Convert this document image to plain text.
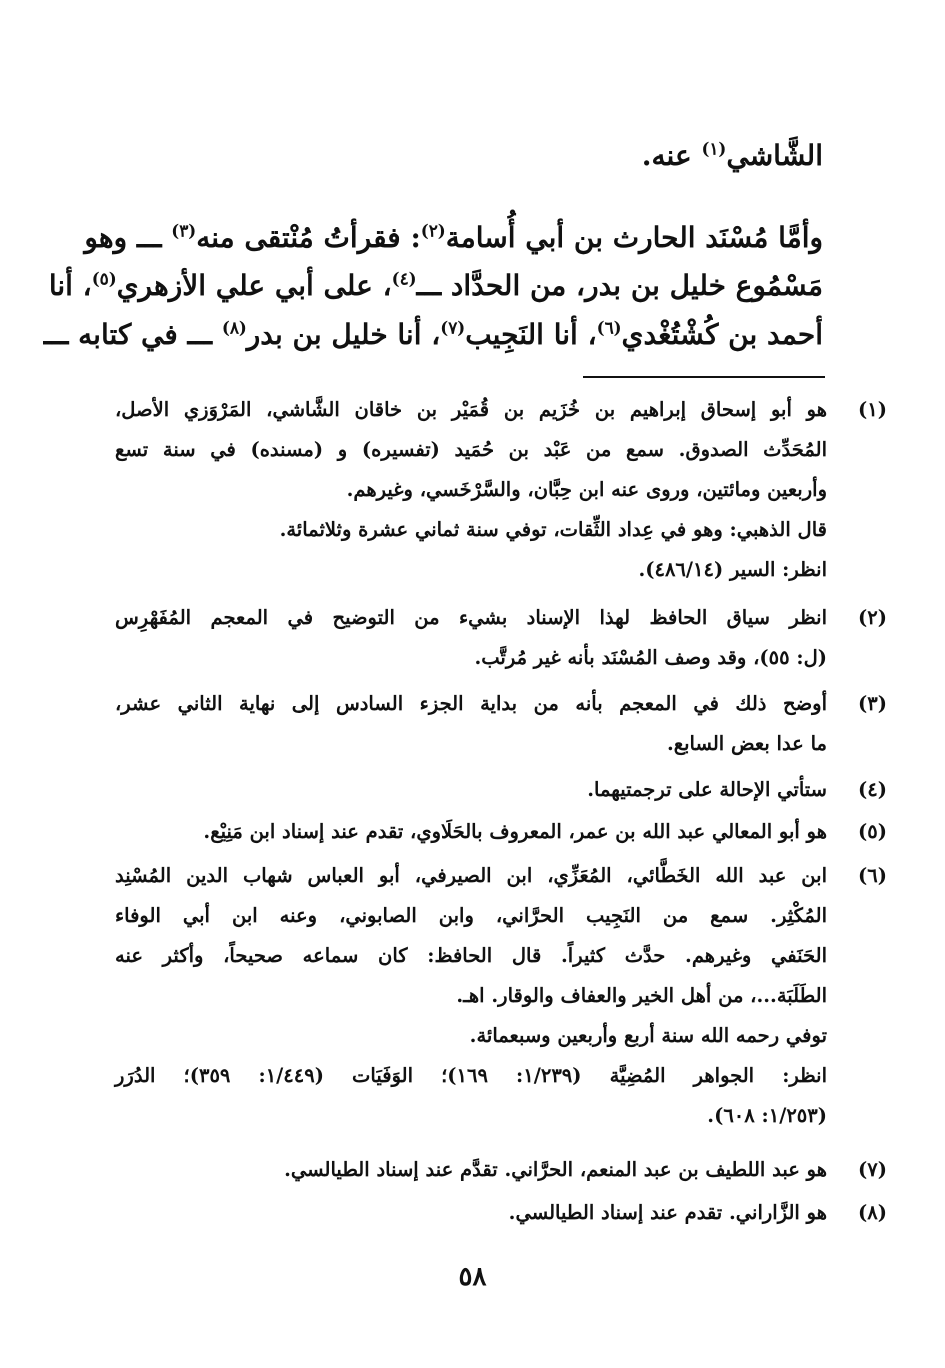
الشَّاشي$^{(١)}$ عنه.
وأمَّا مُسْنَد الحارث بن أبي أُسامة$^{(٢)}$: فقرأتُ مُنْتقى منه$^{(٣)}$ ـــ وهو
مَسْمُوع خليل بن بدر، من الحدَّاد ـــ$^{(٤)}$، على أبي علي الأزهري$^{(٥)}$، أنا
أحمد بن كُشْتُغْدي$^{(٦)}$، أنا النَجِيب$^{(٧)}$، أنا خليل بن بدر$^{(٨)}$ ـــ في كتابه ـــ
(١)
هو أبو إسحاق إبراهيم بن خُزَيم بن قُمَيْر بن خاقان الشَّاشي، المَرْوَزي الأصل،
المُحَدِّث الصدوق. سمع من عَبْد بن حُمَيد (تفسيره) و (مسنده) في سنة تسع
وأربعين ومائتين، وروى عنه ابن حِبَّان، والسَّرْخَسي، وغيرهم.
قال الذهبي: وهو في عِداد الثِّقات، توفي سنة ثماني عشرة وثلاثمائة.
انظر: السير (٤٨٦/١٤).
(٢)
انظر سياق الحافظ لهذا الإسناد بشيء من التوضيح في المعجم المُفَهْرِس
(ل: ٥٥)، وقد وصف المُسْنَد بأنه غير مُرتَّب.
(٣)
أوضح ذلك في المعجم بأنه من بداية الجزء السادس إلى نهاية الثاني عشر،
ما عدا بعض السابع.
(٤)
ستأتي الإحالة على ترجمتيهما.
(٥)
هو أبو المعالي عبد الله بن عمر، المعروف بالحَلَاوي، تقدم عند إسناد ابن مَنِيْع.
(٦)
ابن عبد الله الخَطَّائي، المُعَزِّي، ابن الصيرفي، أبو العباس شهاب الدين المُسْنِد
المُكْثِر. سمع من النَجِيب الحرَّاني، وابن الصابوني، وعنه ابن أبي الوفاء
الحَنَفي وغيرهم. حدَّث كثيراً. قال الحافظ: كان سماعه صحيحاً، وأكثر عنه
الطَلَبَة...، من أهل الخير والعفاف والوقار. اهـ.
توفي رحمه الله سنة أربع وأربعين وسبعمائة.
انظر: الجواهر المُضِيَّة (١/٢٣٩: ١٦٩)؛ الوَفَيَات (١/٤٤٩: ٣٥٩)؛ الدُرَر
(١/٢٥٣: ٦٠٨).
(٧)
هو عبد اللطيف بن عبد المنعم، الحرَّاني. تقدَّم عند إسناد الطيالسي.
(٨)
هو الزَّاراني. تقدم عند إسناد الطيالسي.
٥٨
